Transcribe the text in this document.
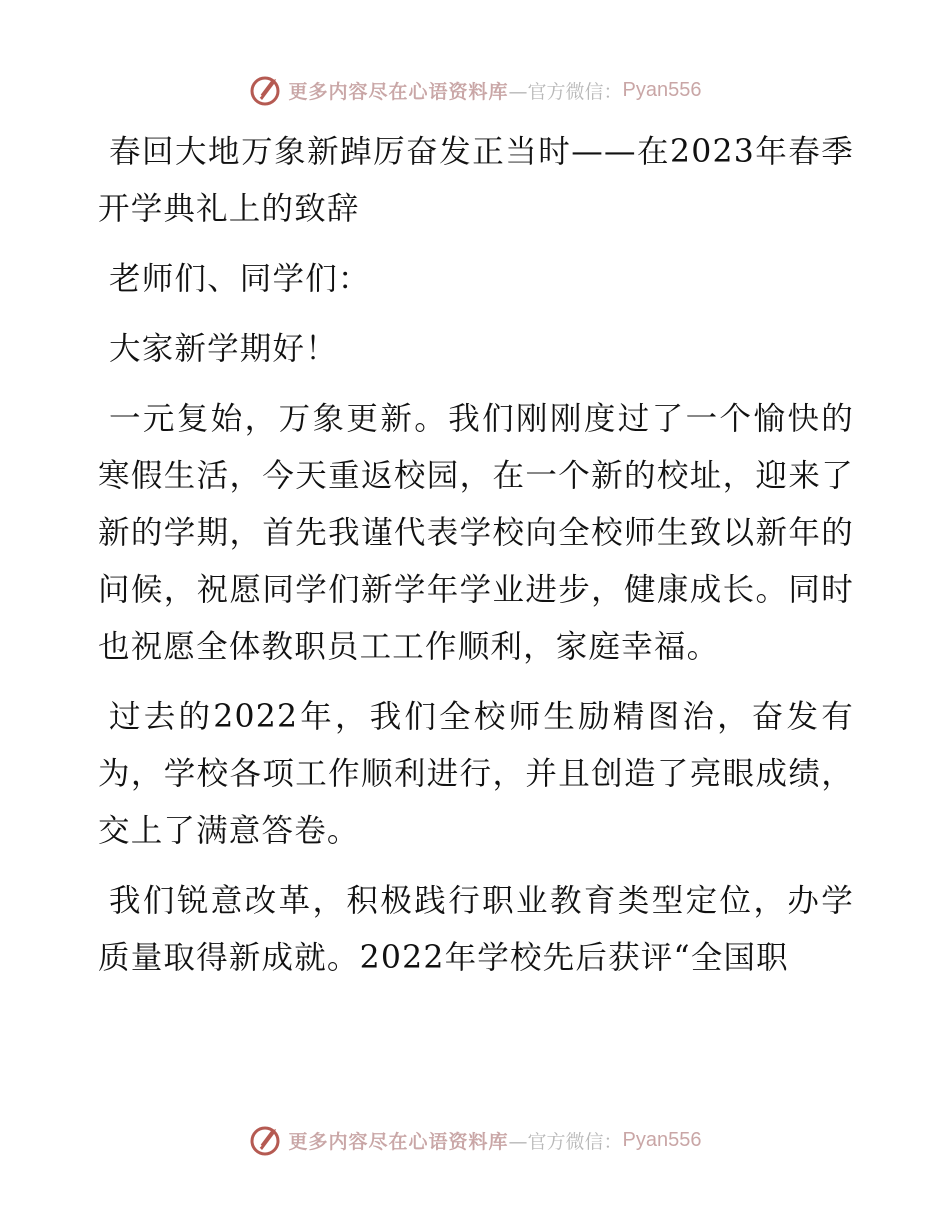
更多内容尽在心语资料库 —官方微信： Pyan556

春回大地万象新踔厉奋发正当时——在2023年春季开学典礼上的致辞

老师们、同学们：

大家新学期好！

一元复始，万象更新。我们刚刚度过了一个愉快的寒假生活，今天重返校园，在一个新的校址，迎来了新的学期，首先我谨代表学校向全校师生致以新年的问候，祝愿同学们新学年学业进步，健康成长。同时也祝愿全体教职员工工作顺利，家庭幸福。

过去的2022年，我们全校师生励精图治，奋发有为，学校各项工作顺利进行，并且创造了亮眼成绩，交上了满意答卷。

我们锐意改革，积极践行职业教育类型定位，办学质量取得新成就。2022年学校先后获评“全国职

更多内容尽在心语资料库 —官方微信： Pyan556
